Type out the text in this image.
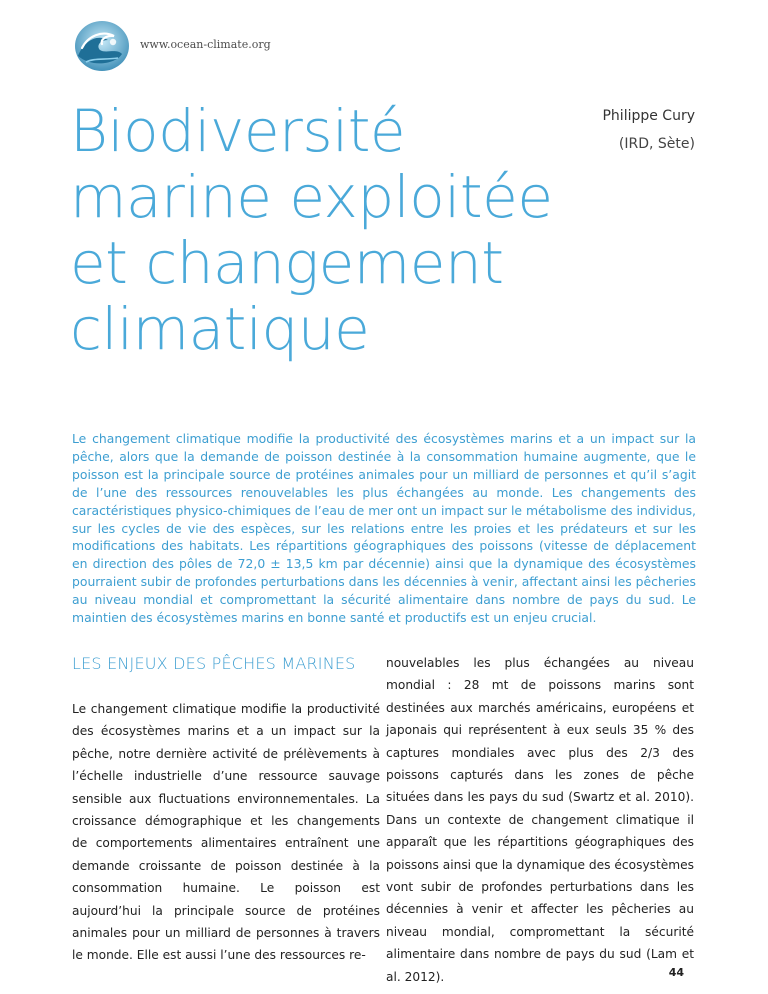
www.ocean-climate.org
Biodiversité
marine exploitée
et changement
climatique
Philippe Cury
(IRD, Sète)

Le changement climatique modifie la productivité des écosystèmes marins et a un impact sur la pêche, alors que la demande de poisson destinée à la consommation humaine augmente, que le poisson est la principale source de protéines animales pour un milliard de personnes et qu’il s’agit de l’une des ressources renouvelables les plus échangées au monde. Les changements des caractéristiques physico-chimiques de l’eau de mer ont un impact sur le métabolisme des individus, sur les cycles de vie des espèces, sur les relations entre les proies et les prédateurs et sur les modifications des habitats. Les répartitions géographiques des poissons (vitesse de déplacement en direction des pôles de 72,0 ± 13,5 km par décennie) ainsi que la dynamique des écosystèmes pourraient subir de profondes perturbations dans les décennies à venir, affectant ainsi les pêcheries au niveau mondial et compromettant la sécurité alimentaire dans nombre de pays du sud. Le maintien des écosystèmes marins en bonne santé et productifs est un enjeu crucial.

LES ENJEUX DES PÊCHES MARINES

Le changement climatique modifie la productivité des écosystèmes marins et a un impact sur la pêche, notre dernière activité de prélèvements à l’échelle industrielle d’une ressource sauvage sensible aux fluctuations environnementales. La croissance démographique et les changements de comportements alimentaires entraînent une demande croissante de poisson destinée à la consommation humaine. Le poisson est aujourd’hui la principale source de protéines animales pour un milliard de personnes à travers le monde. Elle est aussi l’une des ressources re-

nouvelables les plus échangées au niveau mondial : 28 mt de poissons marins sont destinées aux marchés américains, européens et japonais qui représentent à eux seuls 35 % des captures mondiales avec plus des 2/3 des poissons capturés dans les zones de pêche situées dans les pays du sud (Swartz et al. 2010). Dans un contexte de changement climatique il apparaît que les répartitions géographiques des poissons ainsi que la dynamique des écosystèmes vont subir de profondes perturbations dans les décennies à venir et affecter les pêcheries au niveau mondial, compromettant la sécurité alimentaire dans nombre de pays du sud (Lam et al. 2012).	44
